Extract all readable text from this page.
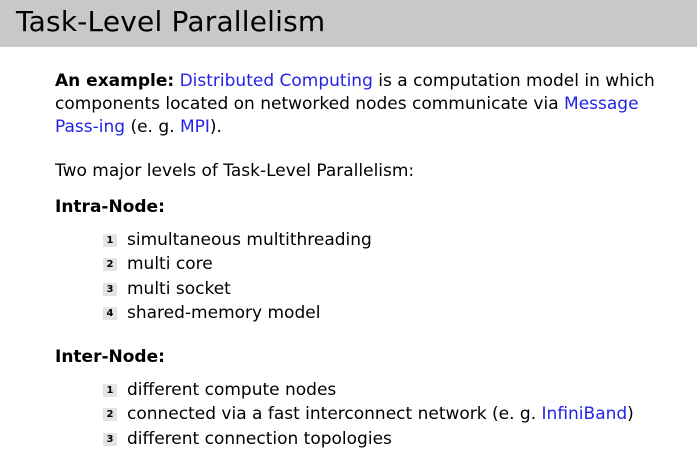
Task-Level Parallelism

An example: Distributed Computing is a computation model in which components located on networked nodes communicate via Message Pass-ing (e. g. MPI).

Two major levels of Task-Level Parallelism:

Intra-Node:
1 simultaneous multithreading
2 multi core
3 multi socket
4 shared-memory model
Inter-Node:
1 different compute nodes
2 connected via a fast interconnect network (e. g. InfiniBand)
3 different connection topologies
